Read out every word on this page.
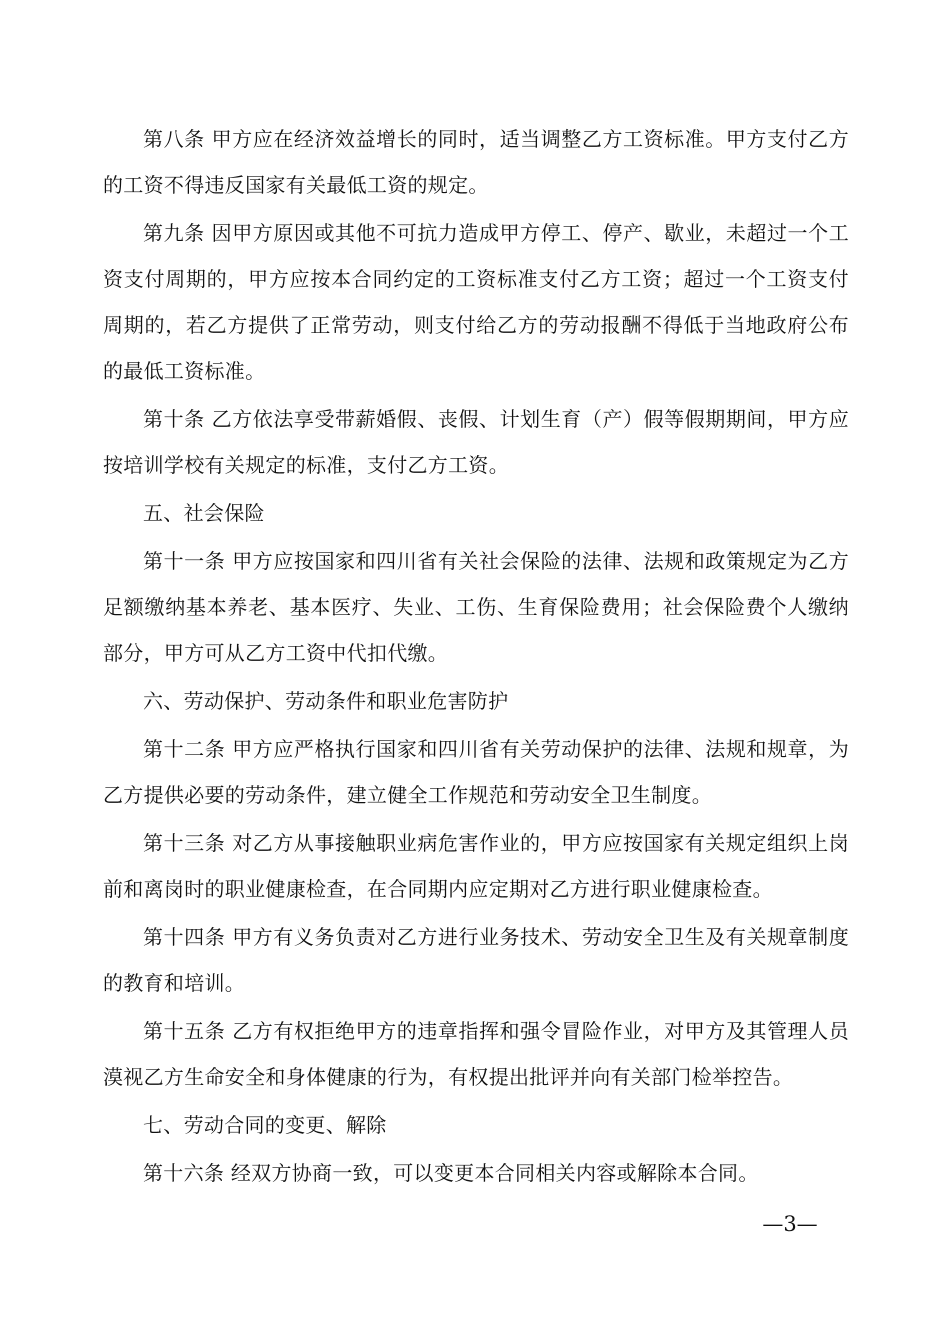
第八条 甲方应在经济效益增长的同时，适当调整乙方工资标准。甲方支付乙方的工资不得违反国家有关最低工资的规定。

第九条 因甲方原因或其他不可抗力造成甲方停工、停产、歇业，未超过一个工资支付周期的，甲方应按本合同约定的工资标准支付乙方工资；超过一个工资支付周期的，若乙方提供了正常劳动，则支付给乙方的劳动报酬不得低于当地政府公布的最低工资标准。

第十条 乙方依法享受带薪婚假、丧假、计划生育（产）假等假期期间，甲方应按培训学校有关规定的标准，支付乙方工资。

五、社会保险

第十一条 甲方应按国家和四川省有关社会保险的法律、法规和政策规定为乙方足额缴纳基本养老、基本医疗、失业、工伤、生育保险费用；社会保险费个人缴纳部分，甲方可从乙方工资中代扣代缴。

六、劳动保护、劳动条件和职业危害防护

第十二条 甲方应严格执行国家和四川省有关劳动保护的法律、法规和规章，为乙方提供必要的劳动条件，建立健全工作规范和劳动安全卫生制度。

第十三条 对乙方从事接触职业病危害作业的，甲方应按国家有关规定组织上岗前和离岗时的职业健康检查，在合同期内应定期对乙方进行职业健康检查。

第十四条 甲方有义务负责对乙方进行业务技术、劳动安全卫生及有关规章制度的教育和培训。

第十五条 乙方有权拒绝甲方的违章指挥和强令冒险作业，对甲方及其管理人员漠视乙方生命安全和身体健康的行为，有权提出批评并向有关部门检举控告。

七、劳动合同的变更、解除

第十六条 经双方协商一致，可以变更本合同相关内容或解除本合同。

—3—
